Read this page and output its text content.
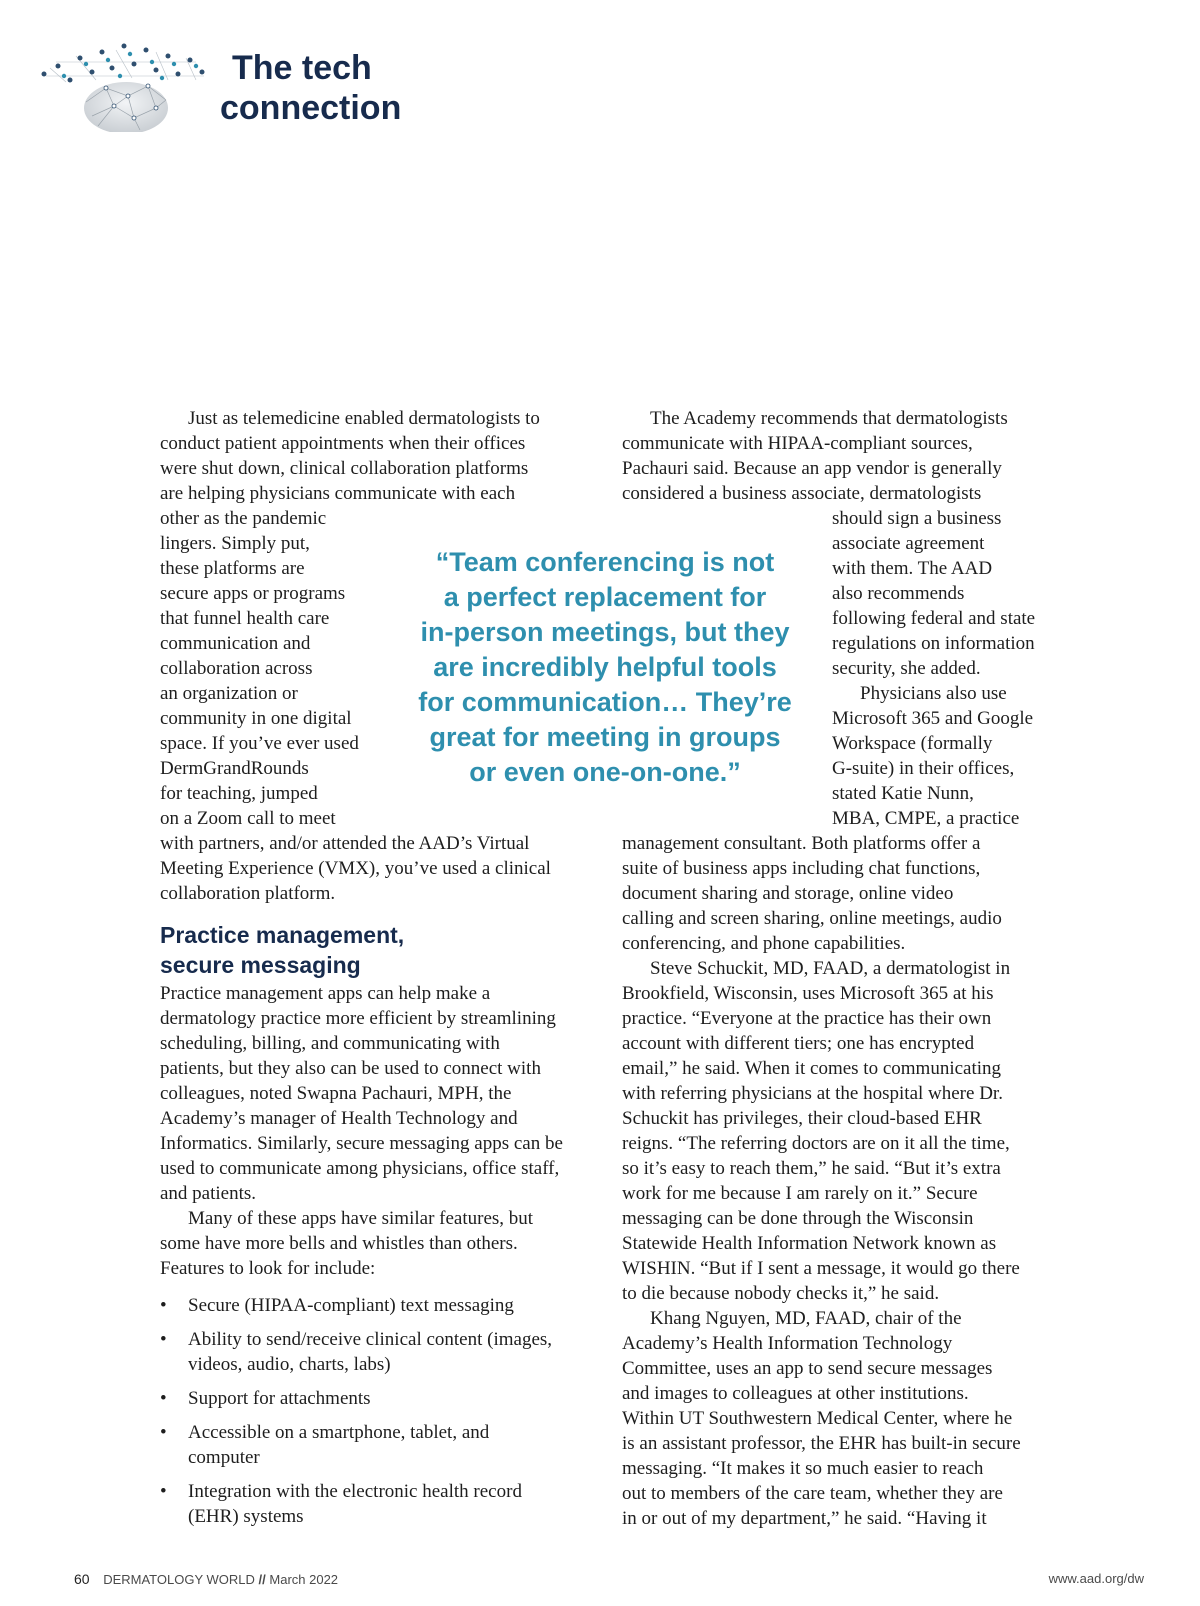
The tech
connection
Just as telemedicine enabled dermatologists to
conduct patient appointments when their offices
were shut down, clinical collaboration platforms
are helping physicians communicate with each
other as the pandemic
lingers. Simply put,
these platforms are
secure apps or programs
that funnel health care
communication and
collaboration across
an organization or
community in one digital
space. If you’ve ever used
DermGrandRounds
for teaching, jumped
on a Zoom call to meet
with partners, and/or attended the AAD’s Virtual
Meeting Experience (VMX), you’ve used a clinical
collaboration platform.
Practice management,
secure messaging
Practice management apps can help make a
dermatology practice more efficient by streamlining
scheduling, billing, and communicating with
patients, but they also can be used to connect with
colleagues, noted Swapna Pachauri, MPH, the
Academy’s manager of Health Technology and
Informatics. Similarly, secure messaging apps can be
used to communicate among physicians, office staff,
and patients.
Many of these apps have similar features, but
some have more bells and whistles than others.
Features to look for include:
• Secure (HIPAA-compliant) text messaging
• Ability to send/receive clinical content (images,
videos, audio, charts, labs)
• Support for attachments
• Accessible on a smartphone, tablet, and
computer
• Integration with the electronic health record
(EHR) systems
“Team conferencing is not
a perfect replacement for
in-person meetings, but they
are incredibly helpful tools
for communication… They’re
great for meeting in groups
or even one-on-one.”
The Academy recommends that dermatologists
communicate with HIPAA-compliant sources,
Pachauri said. Because an app vendor is generally
considered a business associate, dermatologists
should sign a business
associate agreement
with them. The AAD
also recommends
following federal and state
regulations on information
security, she added.
Physicians also use
Microsoft 365 and Google
Workspace (formally
G-suite) in their offices,
stated Katie Nunn,
MBA, CMPE, a practice
management consultant. Both platforms offer a
suite of business apps including chat functions,
document sharing and storage, online video
calling and screen sharing, online meetings, audio
conferencing, and phone capabilities.
Steve Schuckit, MD, FAAD, a dermatologist in
Brookfield, Wisconsin, uses Microsoft 365 at his
practice. “Everyone at the practice has their own
account with different tiers; one has encrypted
email,” he said. When it comes to communicating
with referring physicians at the hospital where Dr.
Schuckit has privileges, their cloud-based EHR
reigns. “The referring doctors are on it all the time,
so it’s easy to reach them,” he said. “But it’s extra
work for me because I am rarely on it.” Secure
messaging can be done through the Wisconsin
Statewide Health Information Network known as
WISHIN. “But if I sent a message, it would go there
to die because nobody checks it,” he said.
Khang Nguyen, MD, FAAD, chair of the
Academy’s Health Information Technology
Committee, uses an app to send secure messages
and images to colleagues at other institutions.
Within UT Southwestern Medical Center, where he
is an assistant professor, the EHR has built-in secure
messaging. “It makes it so much easier to reach
out to members of the care team, whether they are
in or out of my department,” he said. “Having it
60 DERMATOLOGY WORLD // March 2022	www.aad.org/dw
